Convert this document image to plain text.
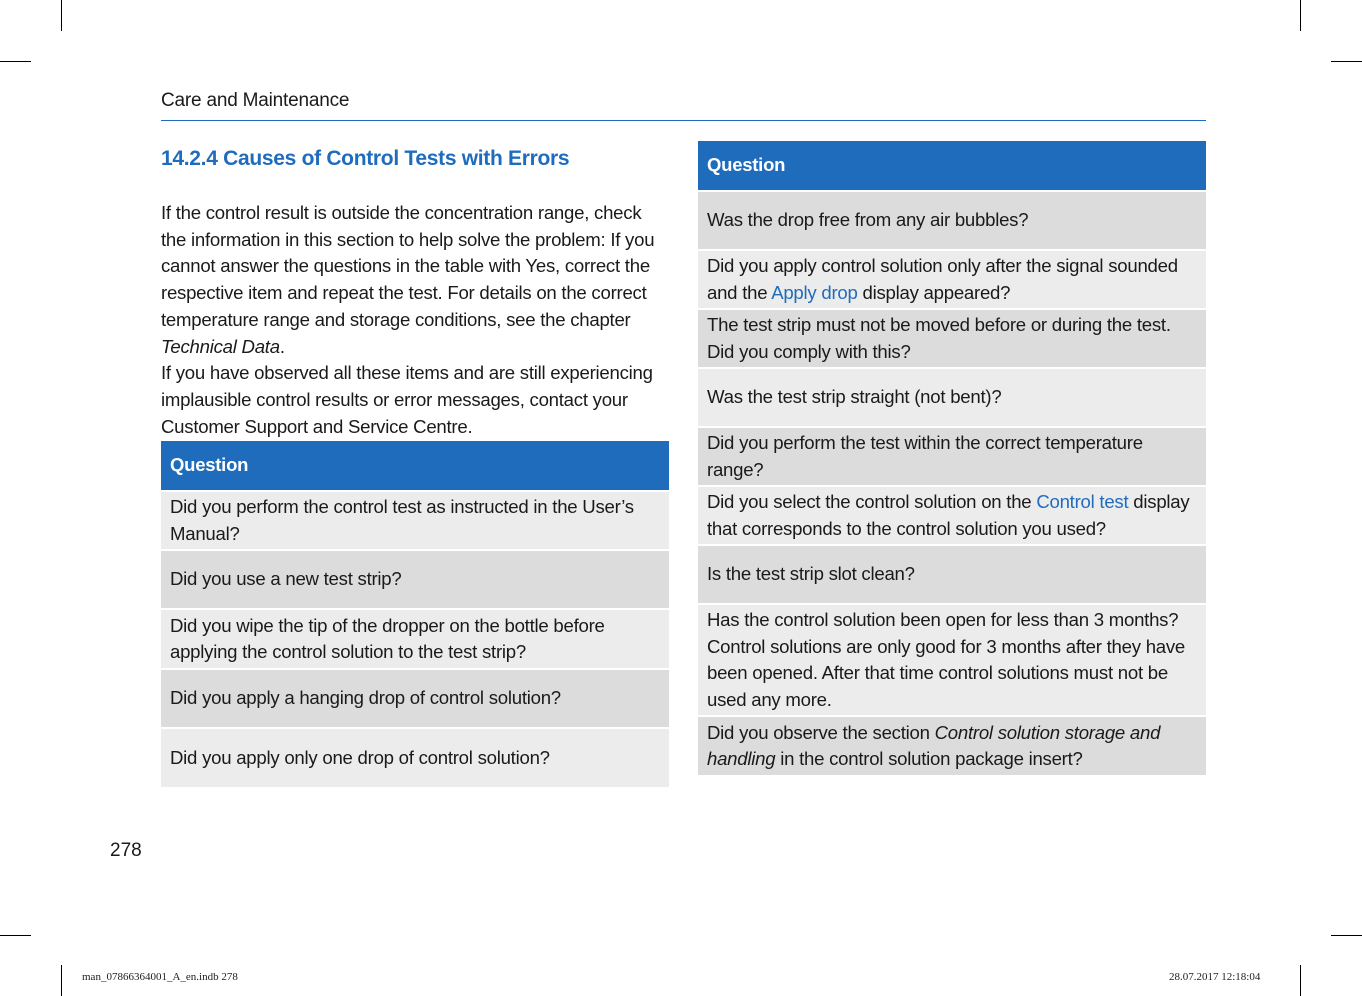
Care and Maintenance
14.2.4 Causes of Control Tests with Errors

If the control result is outside the concentration range, check the information in this section to help solve the problem: If you cannot answer the questions in the table with Yes, correct the respective item and repeat the test. For details on the correct temperature range and storage conditions, see the chapter Technical Data.

If you have observed all these items and are still experiencing implausible control results or error messages, contact your Customer Support and Service Centre.

Question
Did you perform the control test as instructed in the User’s Manual?
Did you use a new test strip?
Did you wipe the tip of the dropper on the bottle before applying the control solution to the test strip?
Did you apply a hanging drop of control solution?
Did you apply only one drop of control solution?
Question
Was the drop free from any air bubbles?
Did you apply control solution only after the signal sounded and the Apply drop display appeared?
The test strip must not be moved before or during the test. Did you comply with this?
Was the test strip straight (not bent)?
Did you perform the test within the correct temperature range?
Did you select the control solution on the Control test display that corresponds to the control solution you used?
Is the test strip slot clean?
Has the control solution been open for less than 3 months? Control solutions are only good for 3 months after they have been opened. After that time control solutions must not be used any more.
Did you observe the section Control solution storage and handling in the control solution package insert?
278
man_07866364001_A_en.indb 278	28.07.2017 12:18:04
